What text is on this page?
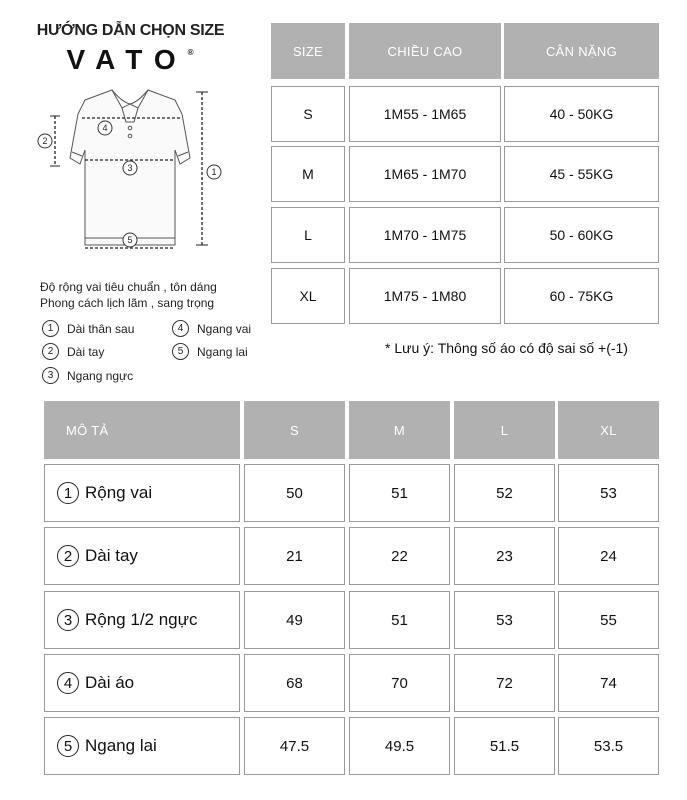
HƯỚNG DẪN CHỌN SIZE
VATO®
1
2
3
4
5
Độ rộng vai tiêu chuẩn , tôn dáng
Phong cách lịch lãm , sang trọng
1	Dài thân sau
2	Dài tay
3	Ngang ngực
4	Ngang vai
5	Ngang lai
SIZE	CHIỀU CAO	CÂN NẶNG
S	1M55 - 1M65	40 - 50KG
M	1M65 - 1M70	45 - 55KG
L	1M70 - 1M75	50 - 60KG
XL	1M75 - 1M80	60 - 75KG
* Lưu ý: Thông số áo có độ sai số +(-1)
MÔ TẢ	S	M	L	XL
1 Rộng vai	50	51	52	53
2 Dài tay	21	22	23	24
3 Rộng 1/2 ngực	49	51	53	55
4 Dài áo	68	70	72	74
5 Ngang lai	47.5	49.5	51.5	53.5
